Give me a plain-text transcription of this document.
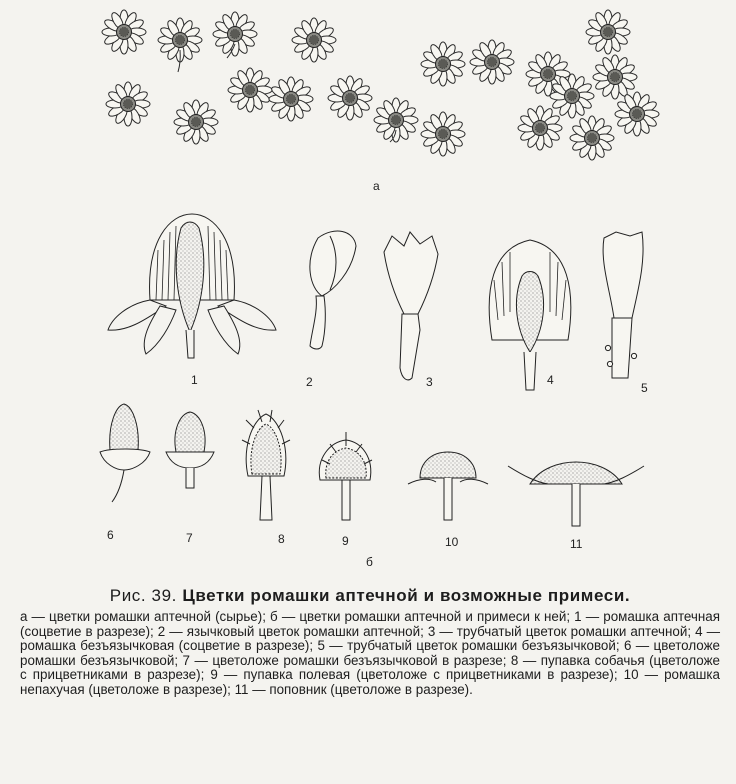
а
б
1	2	3	4
5
6	7	8	9	10	11

Рис. 39. Цветки ромашки аптечной и возможные примеси.

а — цветки ромашки аптечной (сырье); б — цветки ромашки аптечной и примеси к ней; 1 — ромашка аптечная (соцветие в разрезе); 2 — язычковый цветок ромашки аптечной; 3 — трубчатый цветок ромашки аптечной; 4 — ромашка безъязычковая (соцветие в разрезе); 5 — трубчатый цветок ромашки безъязычковой; 6 — цветоложе ромашки безъязычковой; 7 — цветоложе ромашки безъязычковой в разрезе; 8 — пупавка собачья (цветоложе с прицветниками в разрезе); 9 — пупавка полевая (цветоложе с прицветниками в разрезе); 10 — ромашка непахучая (цветоложе в разрезе); 11 — поповник (цветоложе в разрезе).
